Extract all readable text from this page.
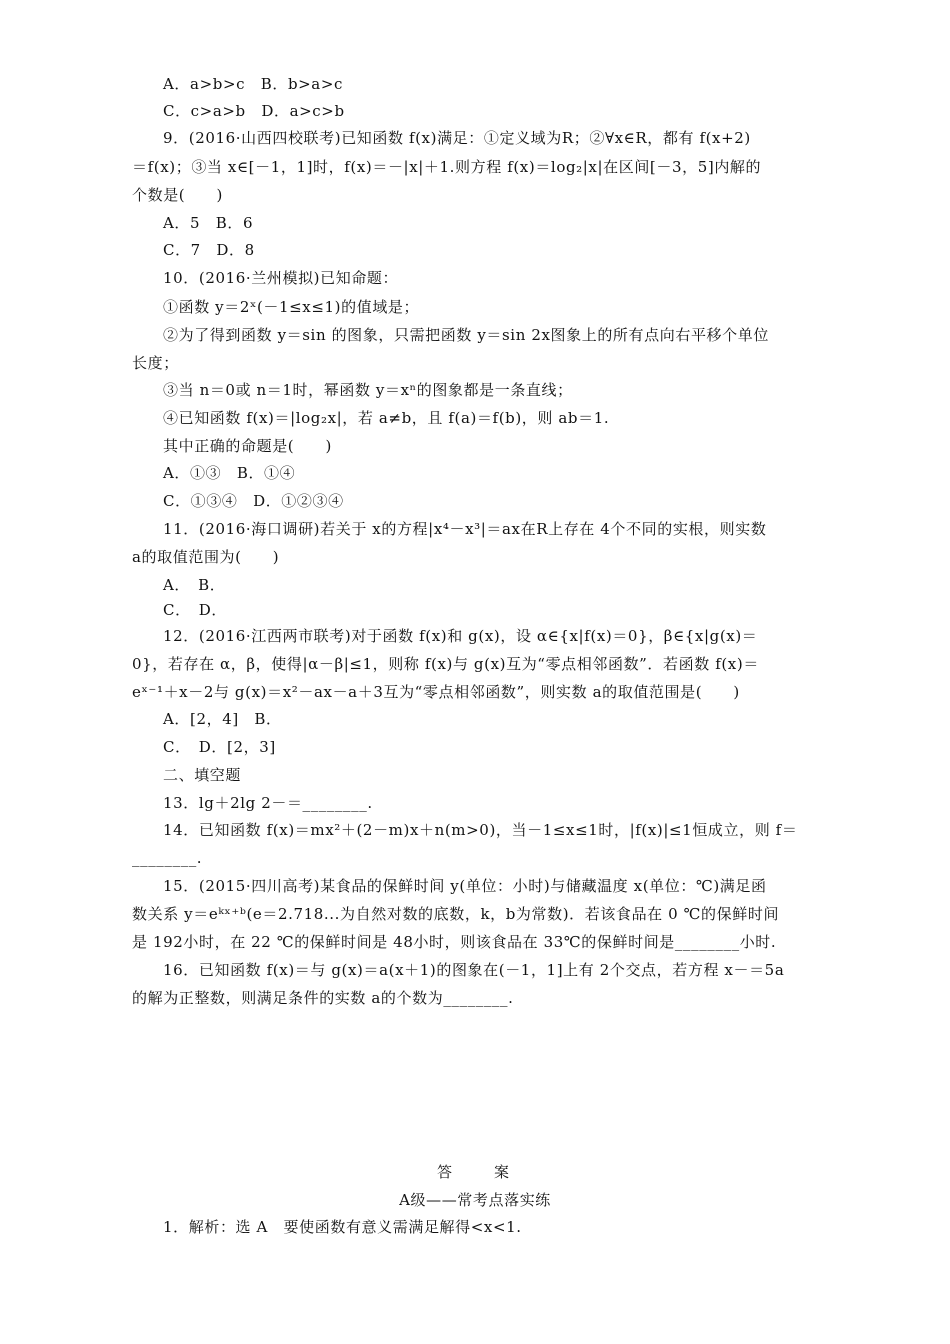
A．a>b>c　B．b>a>c
C．c>a>b　D．a>c>b
9．(2016·山西四校联考)已知函数 f(x)满足：①定义域为R；②∀x∈R，都有 f(x+2)
＝f(x)；③当 x∈[－1，1]时，f(x)＝－|x|＋1.则方程 f(x)＝log₂|x|在区间[－3，5]内解的
个数是(　　)
A．5　B．6
C．7　D．8
10．(2016·兰州模拟)已知命题：
①函数 y＝2ˣ(－1≤x≤1)的值域是；
②为了得到函数 y＝sin 的图象，只需把函数 y＝sin 2x图象上的所有点向右平移个单位
长度；
③当 n＝0或 n＝1时，幂函数 y＝xⁿ的图象都是一条直线；
④已知函数 f(x)＝|log₂x|，若 a≠b，且 f(a)＝f(b)，则 ab＝1.
其中正确的命题是(　　)
A．①③　B．①④
C．①③④　D．①②③④
11．(2016·海口调研)若关于 x的方程|x⁴－x³|＝ax在R上存在 4个不同的实根，则实数
a的取值范围为(　　)
A．　B．
C．　D．
12．(2016·江西两市联考)对于函数 f(x)和 g(x)，设 α∈{x|f(x)＝0}，β∈{x|g(x)＝
0}，若存在 α，β，使得|α－β|≤1，则称 f(x)与 g(x)互为“零点相邻函数”．若函数 f(x)＝
eˣ⁻¹＋x－2与 g(x)＝x²－ax－a＋3互为“零点相邻函数”，则实数 a的取值范围是(　　)
A．[2，4]　B．
C．　D．[2，3]
二、填空题
13．lg＋2lg 2－＝________.
14．已知函数 f(x)＝mx²＋(2－m)x＋n(m>0)，当－1≤x≤1时，|f(x)|≤1恒成立，则 f＝
________.
15．(2015·四川高考)某食品的保鲜时间 y(单位：小时)与储藏温度 x(单位：℃)满足函
数关系 y＝eᵏˣ⁺ᵇ(e＝2.718...为自然对数的底数，k，b为常数)．若该食品在 0 ℃的保鲜时间
是 192小时，在 22 ℃的保鲜时间是 48小时，则该食品在 33℃的保鲜时间是________小时.
16．已知函数 f(x)＝与 g(x)＝a(x＋1)的图象在(－1，1]上有 2个交点，若方程 x－＝5a
的解为正整数，则满足条件的实数 a的个数为________.
答　　案
A级——常考点落实练
1．解析：选 A　要使函数有意义需满足解得<x<1.
